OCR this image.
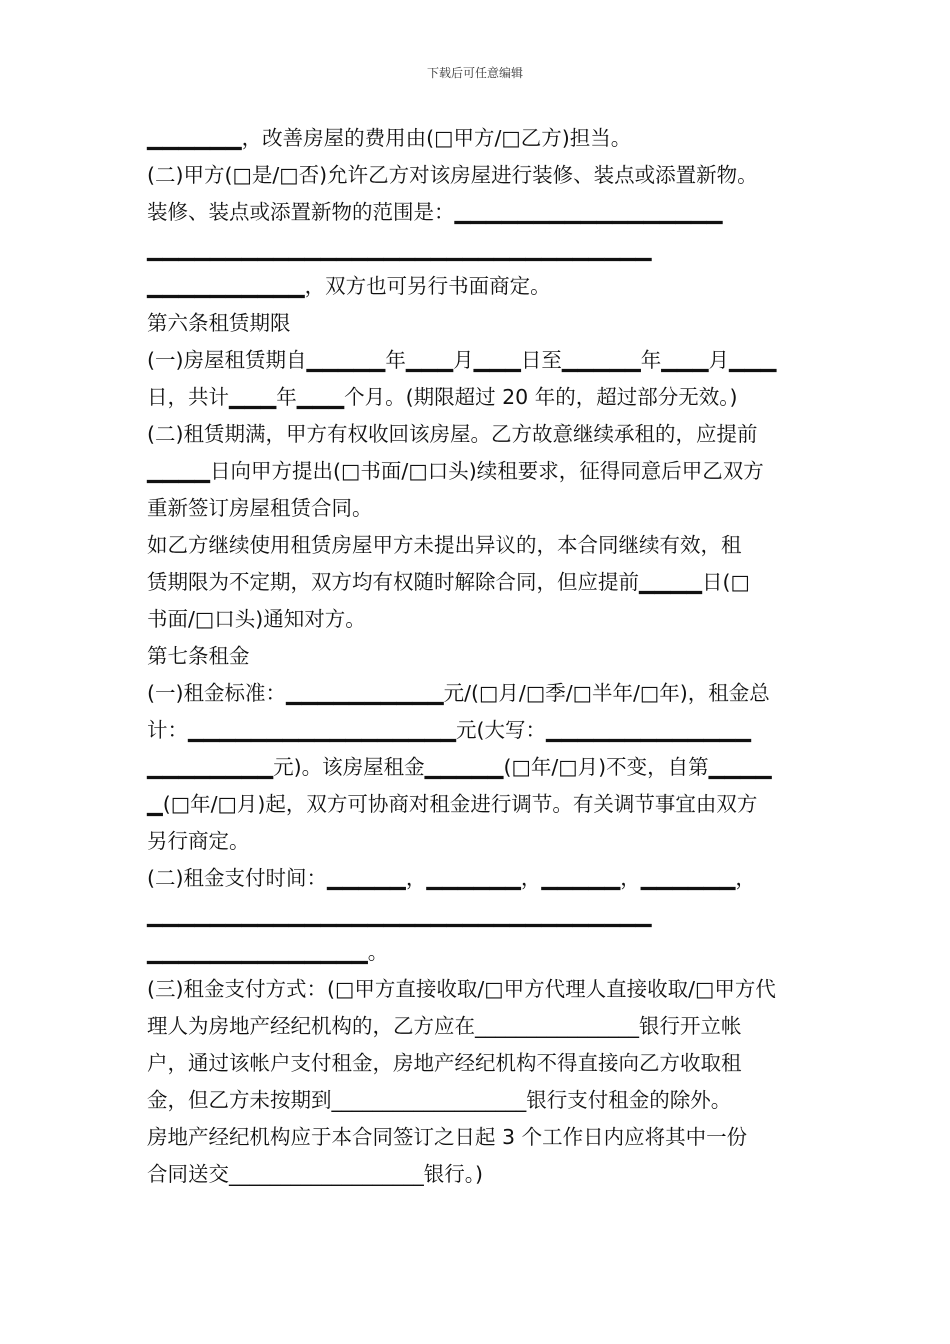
下载后可任意编辑
▁▁▁▁▁▁，改善房屋的费用由(□甲方/□乙方)担当。
(二)甲方(□是/□否)允许乙方对该房屋进行装修、装点或添置新物。
装修、装点或添置新物的范围是：▁▁▁▁▁▁▁▁▁▁▁▁▁▁▁▁▁
▁▁▁▁▁▁▁▁▁▁▁▁▁▁▁▁▁▁▁▁▁▁▁▁▁▁▁▁▁▁▁▁
▁▁▁▁▁▁▁▁▁▁，双方也可另行书面商定。
第六条租赁期限
(一)房屋租赁期自▁▁▁▁▁年▁▁▁月▁▁▁日至▁▁▁▁▁年▁▁▁月▁▁▁
日，共计▁▁▁年▁▁▁个月。(期限超过 20 年的，超过部分无效。)
(二)租赁期满，甲方有权收回该房屋。乙方故意继续承租的，应提前
▁▁▁▁日向甲方提出(□书面/□口头)续租要求，征得同意后甲乙双方
重新签订房屋租赁合同。
如乙方继续使用租赁房屋甲方未提出异议的，本合同继续有效，租
赁期限为不定期，双方均有权随时解除合同，但应提前▁▁▁▁日(□
书面/□口头)通知对方。
第七条租金
(一)租金标准：▁▁▁▁▁▁▁▁▁▁元/(□月/□季/□半年/□年)，租金总
计：▁▁▁▁▁▁▁▁▁▁▁▁▁▁▁▁▁元(大写：▁▁▁▁▁▁▁▁▁▁▁▁▁
▁▁▁▁▁▁▁▁元)。该房屋租金▁▁▁▁▁(□年/□月)不变，自第▁▁▁▁
▁(□年/□月)起，双方可协商对租金进行调节。有关调节事宜由双方
另行商定。
(二)租金支付时间：▁▁▁▁▁，▁▁▁▁▁▁，▁▁▁▁▁，▁▁▁▁▁▁，
▁▁▁▁▁▁▁▁▁▁▁▁▁▁▁▁▁▁▁▁▁▁▁▁▁▁▁▁▁▁▁▁
▁▁▁▁▁▁▁▁▁▁▁▁▁▁。
(三)租金支付方式：(□甲方直接收取/□甲方代理人直接收取/□甲方代
理人为房地产经纪机构的，乙方应在________________银行开立帐
户，通过该帐户支付租金，房地产经纪机构不得直接向乙方收取租
金，但乙方未按期到___________________银行支付租金的除外。
房地产经纪机构应于本合同签订之日起 3 个工作日内应将其中一份
合同送交___________________银行。)
